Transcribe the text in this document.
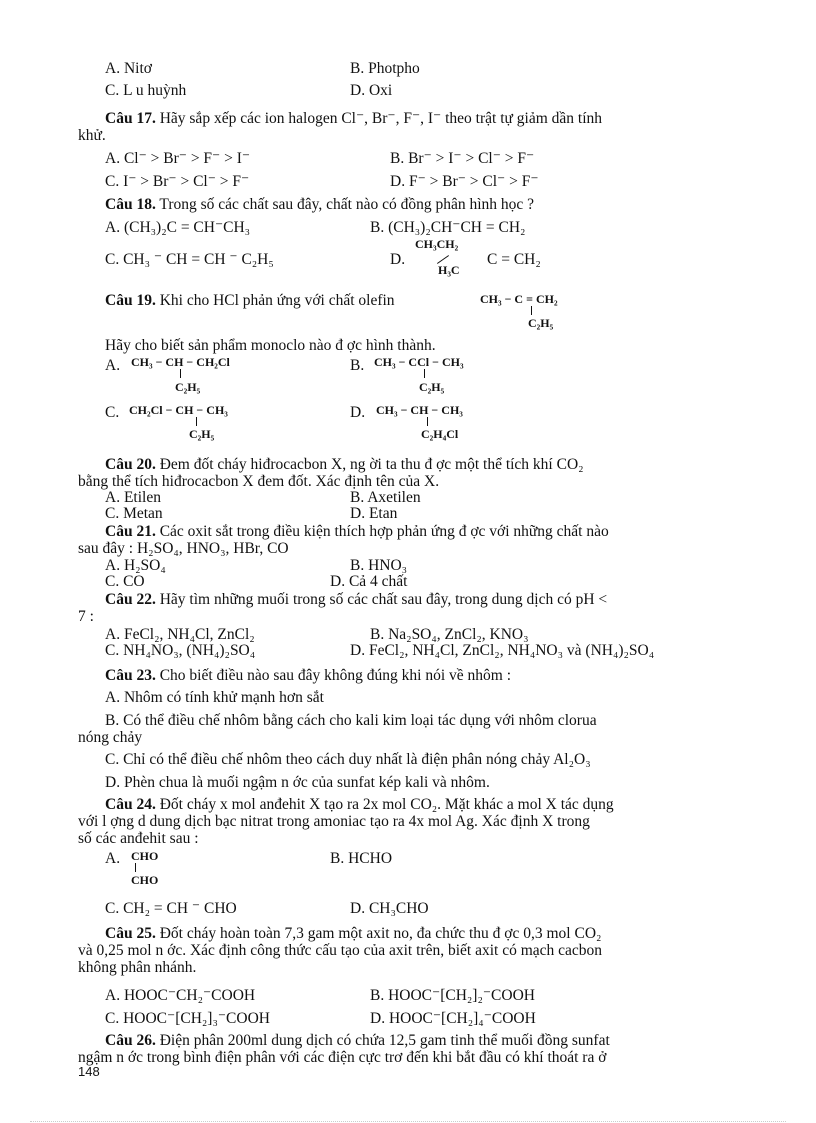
A. Nitơ	B. Photpho
C. L u huỳnh	D. Oxi
Câu 17. Hãy sắp xếp các ion halogen Cl⁻, Br⁻, F⁻, I⁻ theo trật tự giảm dần tính
khử.
A. Cl⁻ > Br⁻ > F⁻ > I⁻	B. Br⁻ > I⁻ > Cl⁻ > F⁻
C. I⁻ > Br⁻ > Cl⁻ > F⁻	D. F⁻ > Br⁻ > Cl⁻ > F⁻
Câu 18. Trong số các chất sau đây, chất nào có đồng phân hình học ?
A. (CH₃)₂C = CH⁻CH₃	B. (CH₃)₂CH⁻CH = CH₂
C. CH₃ ⁻ CH = CH ⁻ C₂H₅	D.	C = CH₂
Câu 19. Khi cho HCl phản ứng với chất olefin
Hãy cho biết sản phẩm monoclo nào đ ợc hình thành.
A.	B.
C.	D.
Câu 20. Đem đốt cháy hiđrocacbon X, ng ời ta thu đ ợc một thể tích khí CO₂
bằng thể tích hiđrocacbon X đem đốt. Xác định tên của X.
A. Etilen	B. Axetilen
C. Metan	D. Etan
Câu 21. Các oxit sắt trong điều kiện thích hợp phản ứng đ ợc với những chất nào
sau đây : H₂SO₄, HNO₃, HBr, CO
A. H₂SO₄	B. HNO₃
C. CO	D. Cả 4 chất
Câu 22. Hãy tìm những muối trong số các chất sau đây, trong dung dịch có pH <
7 :
A. FeCl₂, NH₄Cl, ZnCl₂	B. Na₂SO₄, ZnCl₂, KNO₃
C. NH₄NO₃, (NH₄)₂SO₄	D. FeCl₂, NH₄Cl, ZnCl₂, NH₄NO₃ và (NH₄)₂SO₄
Câu 23. Cho biết điều nào sau đây không đúng khi nói về nhôm :
A. Nhôm có tính khử mạnh hơn sắt
B. Có thể điều chế nhôm bằng cách cho kali kim loại tác dụng với nhôm clorua
nóng chảy
C. Chỉ có thể điều chế nhôm theo cách duy nhất là điện phân nóng chảy Al₂O₃
D. Phèn chua là muối ngậm n ớc của sunfat kép kali và nhôm.
Câu 24. Đốt cháy x mol anđehit X tạo ra 2x mol CO₂. Mặt khác a mol X tác dụng
với l ợng d dung dịch bạc nitrat trong amoniac tạo ra 4x mol Ag. Xác định X trong
số các anđehit sau :
A.	B. HCHO
C. CH₂ = CH ⁻ CHO	D. CH₃CHO
Câu 25. Đốt cháy hoàn toàn 7,3 gam một axit no, đa chức thu đ ợc 0,3 mol CO₂
và 0,25 mol n ớc. Xác định công thức cấu tạo của axit trên, biết axit có mạch cacbon
không phân nhánh.
A. HOOC⁻CH₂⁻COOH	B. HOOC⁻[CH₂]₂⁻COOH
C. HOOC⁻[CH₂]₃⁻COOH	D. HOOC⁻[CH₂]₄⁻COOH
Câu 26. Điện phân 200ml dung dịch có chứa 12,5 gam tinh thể muối đồng sunfat
ngậm n ớc trong bình điện phân với các điện cực trơ đến khi bắt đầu có khí thoát ra ở
CH₃CH₂
H₃C
CH₃ − C = CH₂
C₂H₅
CH₃ − CH − CH₂Cl
C₂H₅
CH₃ − CCl − CH₃
C₂H₅
CH₂Cl − CH − CH₃
C₂H₅
CH₃ − CH − CH₃
C₂H₄Cl
CHO
CHO
148
